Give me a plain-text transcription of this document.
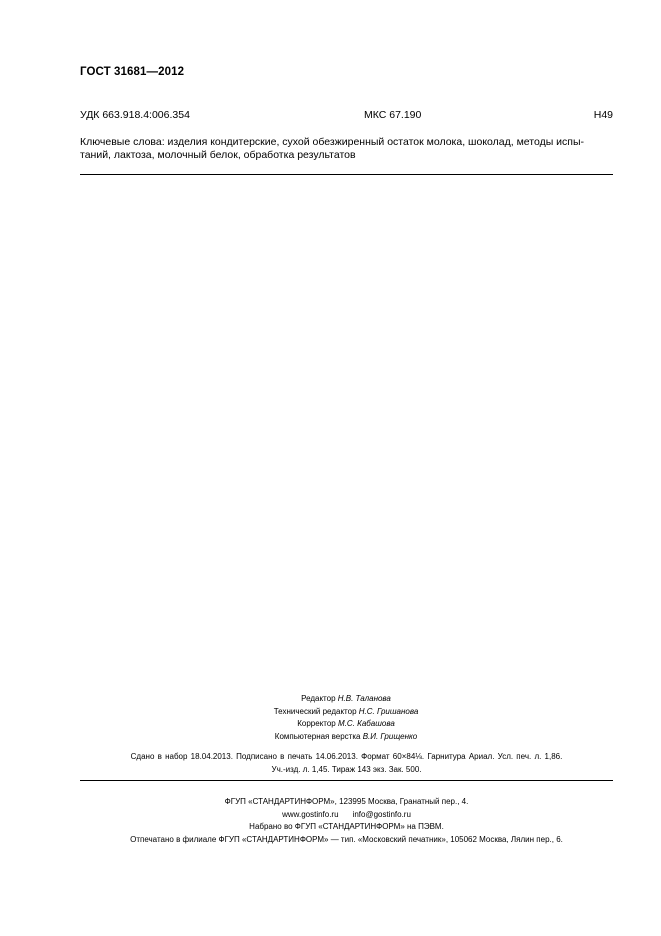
ГОСТ 31681—2012
УДК 663.918.4:006.354	МКС 67.190	Н49
Ключевые слова: изделия кондитерские, сухой обезжиренный остаток молока, шоколад, методы испы-
таний, лактоза, молочный белок, обработка результатов
Редактор Н.В. Таланова
Технический редактор Н.С. Гришанова
Корректор М.С. Кабашова
Компьютерная верстка В.И. Грищенко
Сдано в набор 18.04.2013. Подписано в печать 14.06.2013. Формат 60×84⅛. Гарнитура Ариал. Усл. печ. л. 1,86.
Уч.-изд. л. 1,45. Тираж 143 экз. Зак. 500.
ФГУП «СТАНДАРТИНФОРМ», 123995 Москва, Гранатный пер., 4.
www.gostinfo.ru info@gostinfo.ru
Набрано во ФГУП «СТАНДАРТИНФОРМ» на ПЭВМ.
Отпечатано в филиале ФГУП «СТАНДАРТИНФОРМ» — тип. «Московский печатник», 105062 Москва, Лялин пер., 6.
